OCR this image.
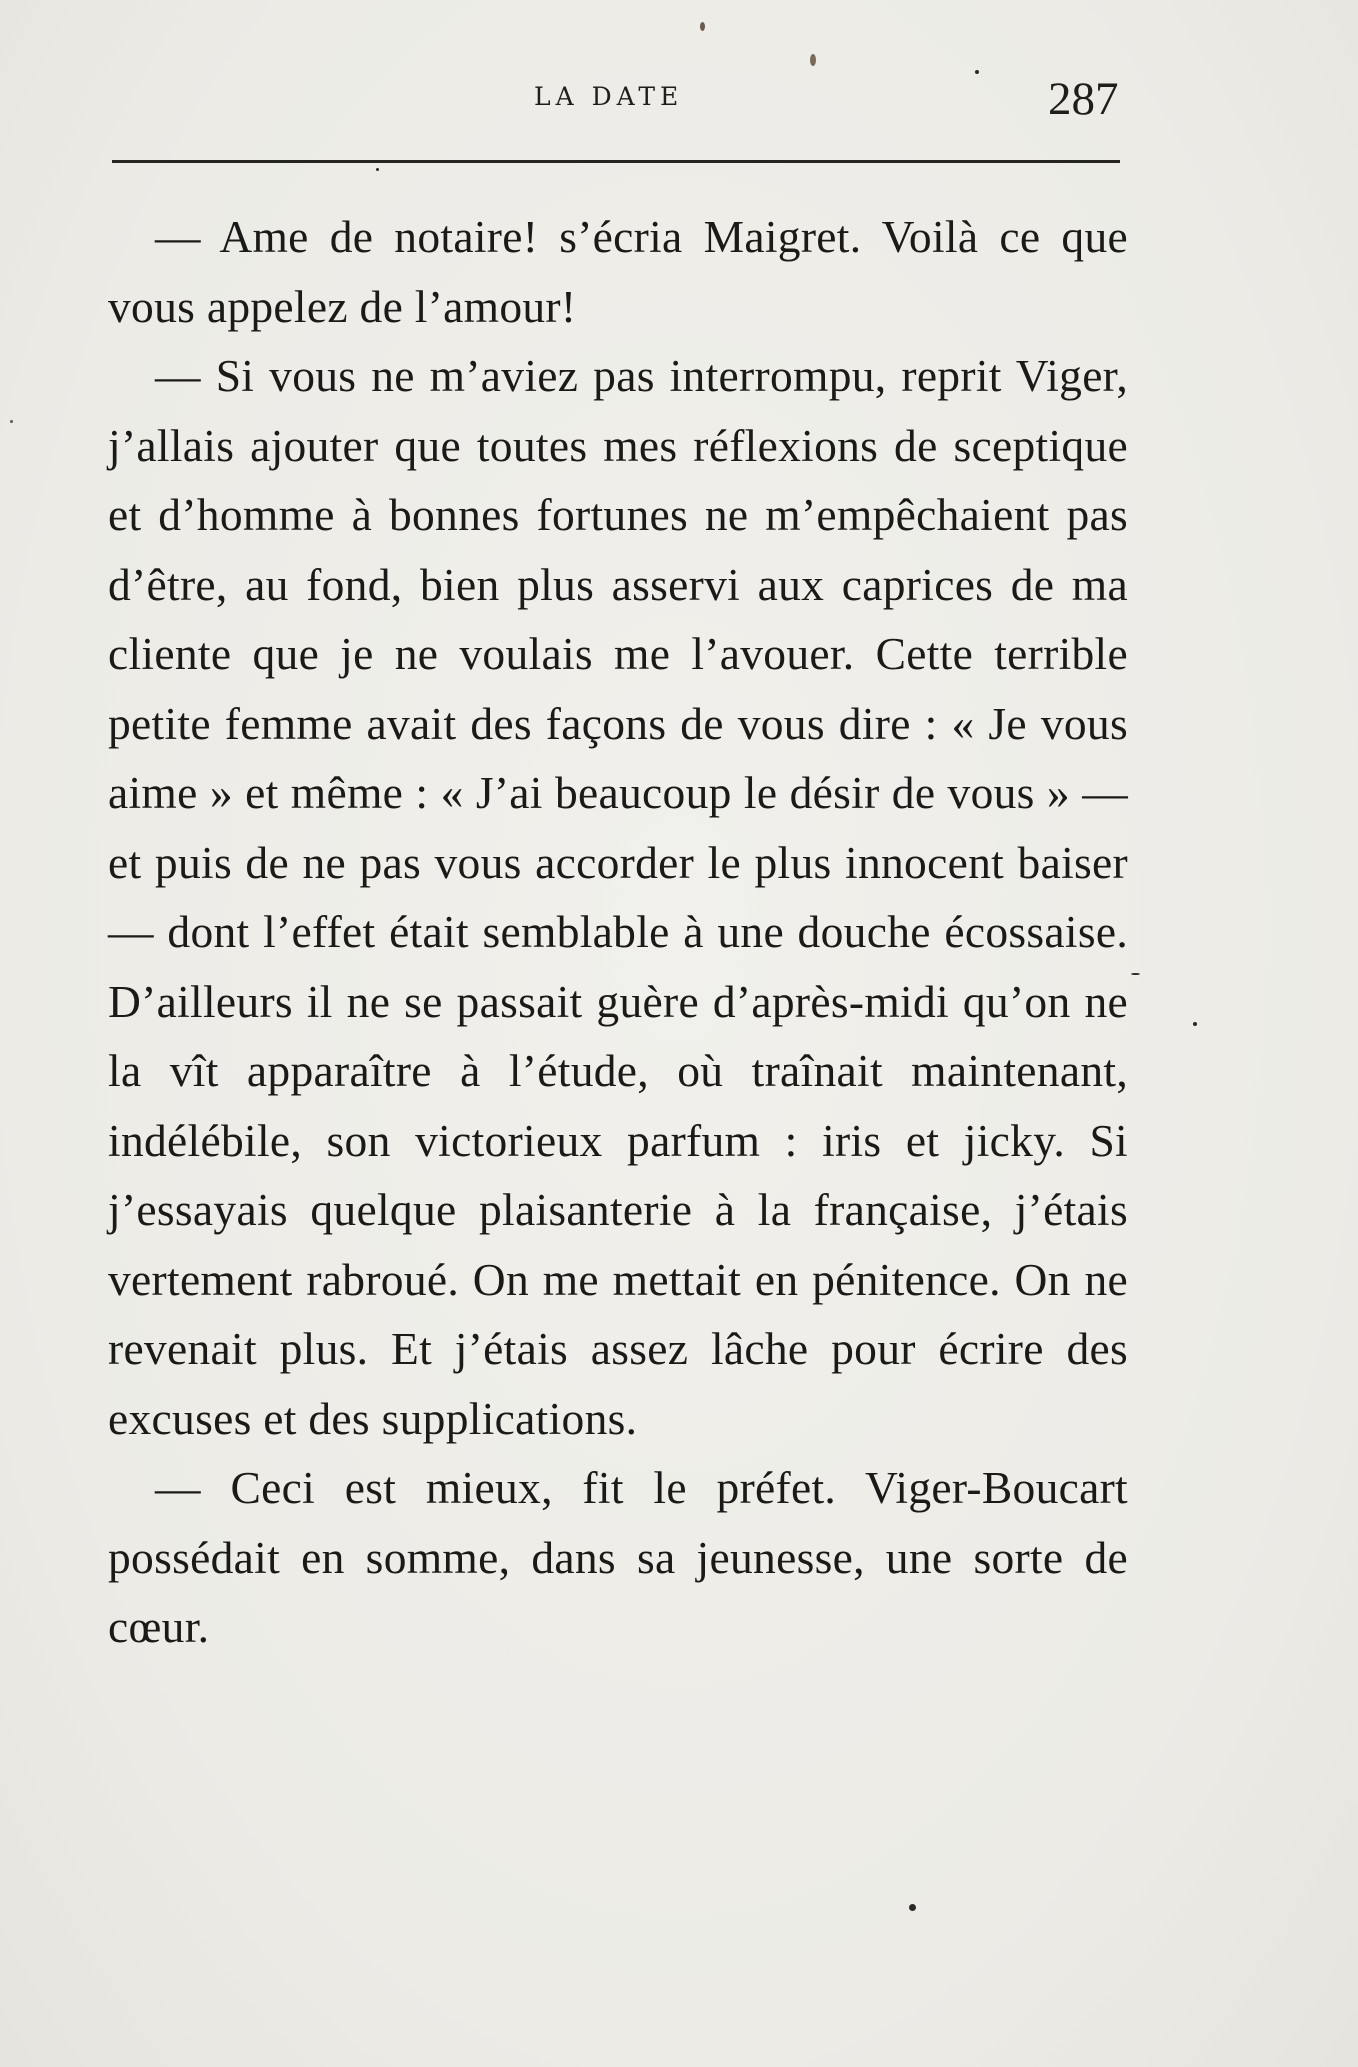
LA DATE	287

— Ame de notaire! s’écria Maigret. Voilà ce que vous appelez de l’amour!

— Si vous ne m’aviez pas interrompu, reprit Viger, j’allais ajouter que toutes mes réflexions de sceptique et d’homme à bonnes fortunes ne m’empêchaient pas d’être, au fond, bien plus asservi aux caprices de ma cliente que je ne voulais me l’avouer. Cette terrible petite femme avait des façons de vous dire : « Je vous aime » et même : « J’ai beaucoup le désir de vous » — et puis de ne pas vous accorder le plus innocent baiser — dont l’effet était semblable à une douche écossaise. D’ailleurs il ne se passait guère d’après-midi qu’on ne la vît apparaître à l’étude, où traînait maintenant, indélébile, son victorieux parfum : iris et jicky. Si j’essayais quelque plaisanterie à la française, j’étais vertement rabroué. On me mettait en pénitence. On ne revenait plus. Et j’étais assez lâche pour écrire des excuses et des supplications.

— Ceci est mieux, fit le préfet. Viger-Boucart possédait en somme, dans sa jeunesse, une sorte de cœur.
